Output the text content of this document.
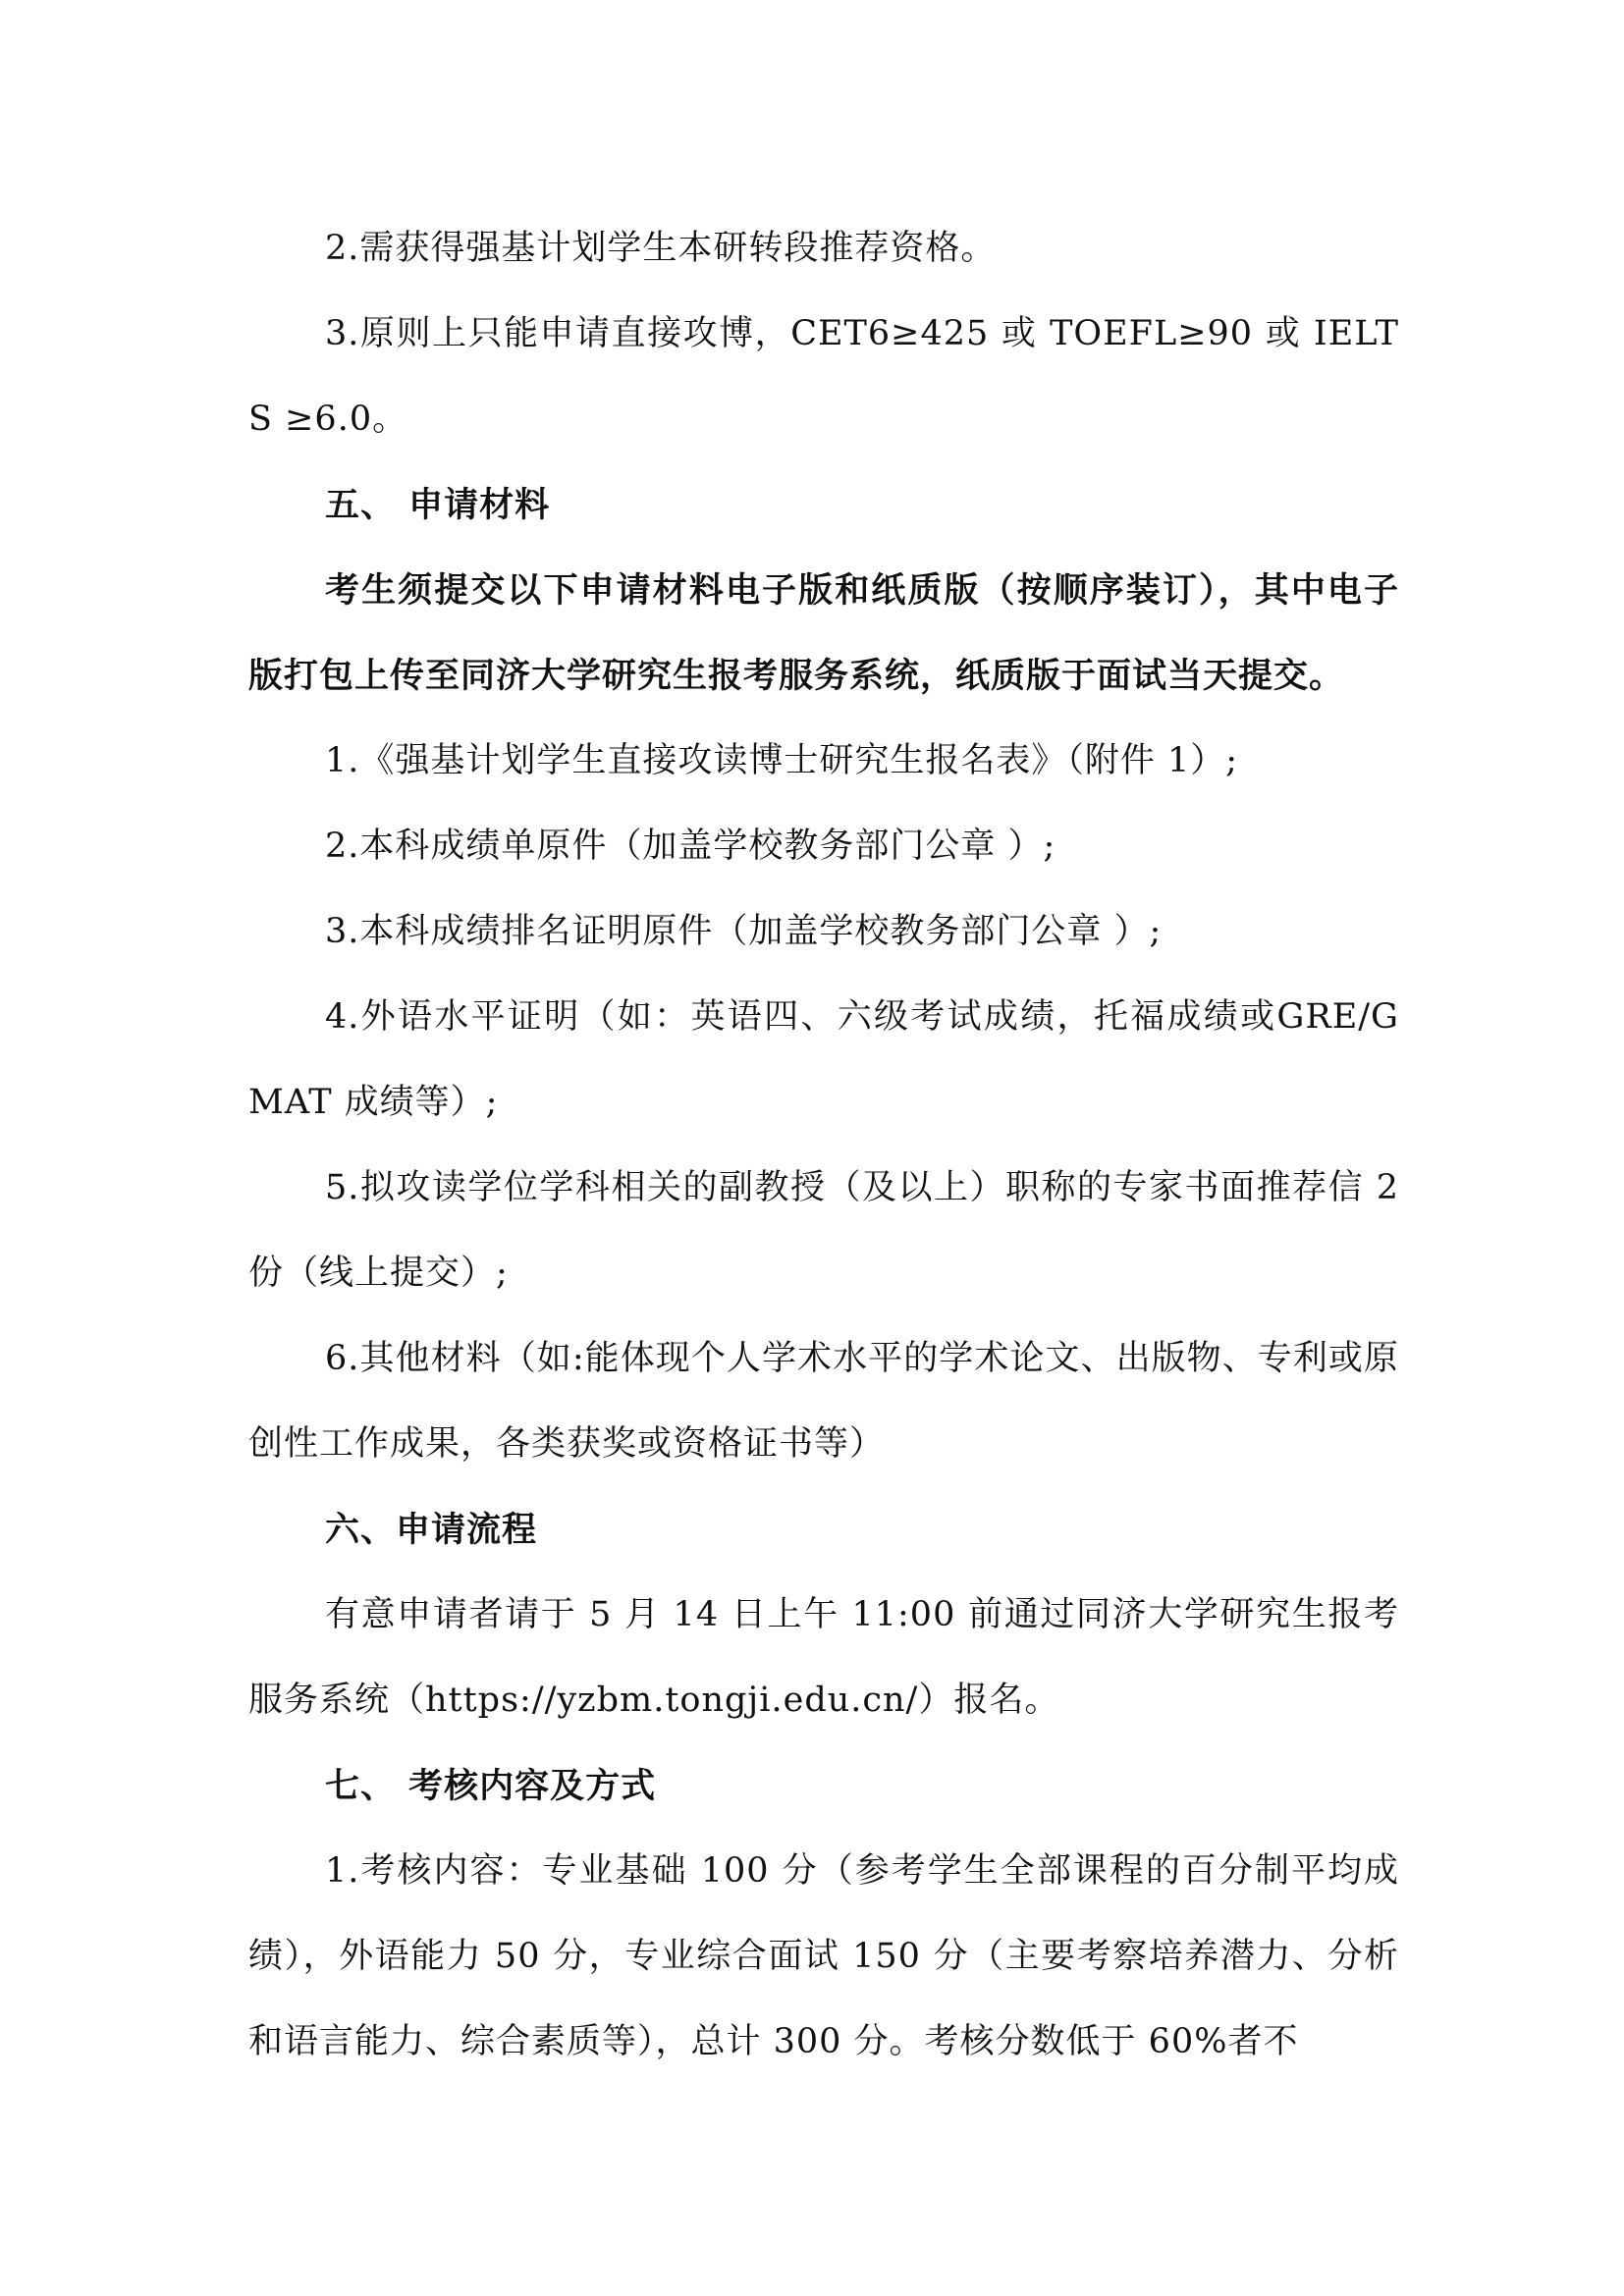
2.需获得强基计划学生本研转段推荐资格。

3.原则上只能申请直接攻博，CET6≥425 或 TOEFL≥90 或 IELTS ≥6.0。

五、 申请材料

考生须提交以下申请材料电子版和纸质版（按顺序装订），其中电子版打包上传至同济大学研究生报考服务系统，纸质版于面试当天提交。

1.《强基计划学生直接攻读博士研究生报名表》（附件 1）;

2.本科成绩单原件（加盖学校教务部门公章 ）;

3.本科成绩排名证明原件（加盖学校教务部门公章 ）;

4.外语水平证明（如：英语四、六级考试成绩，托福成绩或GRE/GMAT 成绩等）;

5.拟攻读学位学科相关的副教授（及以上）职称的专家书面推荐信 2 份（线上提交）;

6.其他材料（如:能体现个人学术水平的学术论文、出版物、专利或原创性工作成果，各类获奖或资格证书等）

六、申请流程

有意申请者请于 5 月 14 日上午 11:00 前通过同济大学研究生报考服务系统（https://yzbm.tongji.edu.cn/）报名。

七、 考核内容及方式

1.考核内容：专业基础 100 分（参考学生全部课程的百分制平均成绩），外语能力 50 分，专业综合面试 150 分（主要考察培养潜力、分析和语言能力、综合素质等），总计 300 分。考核分数低于 60%者不
